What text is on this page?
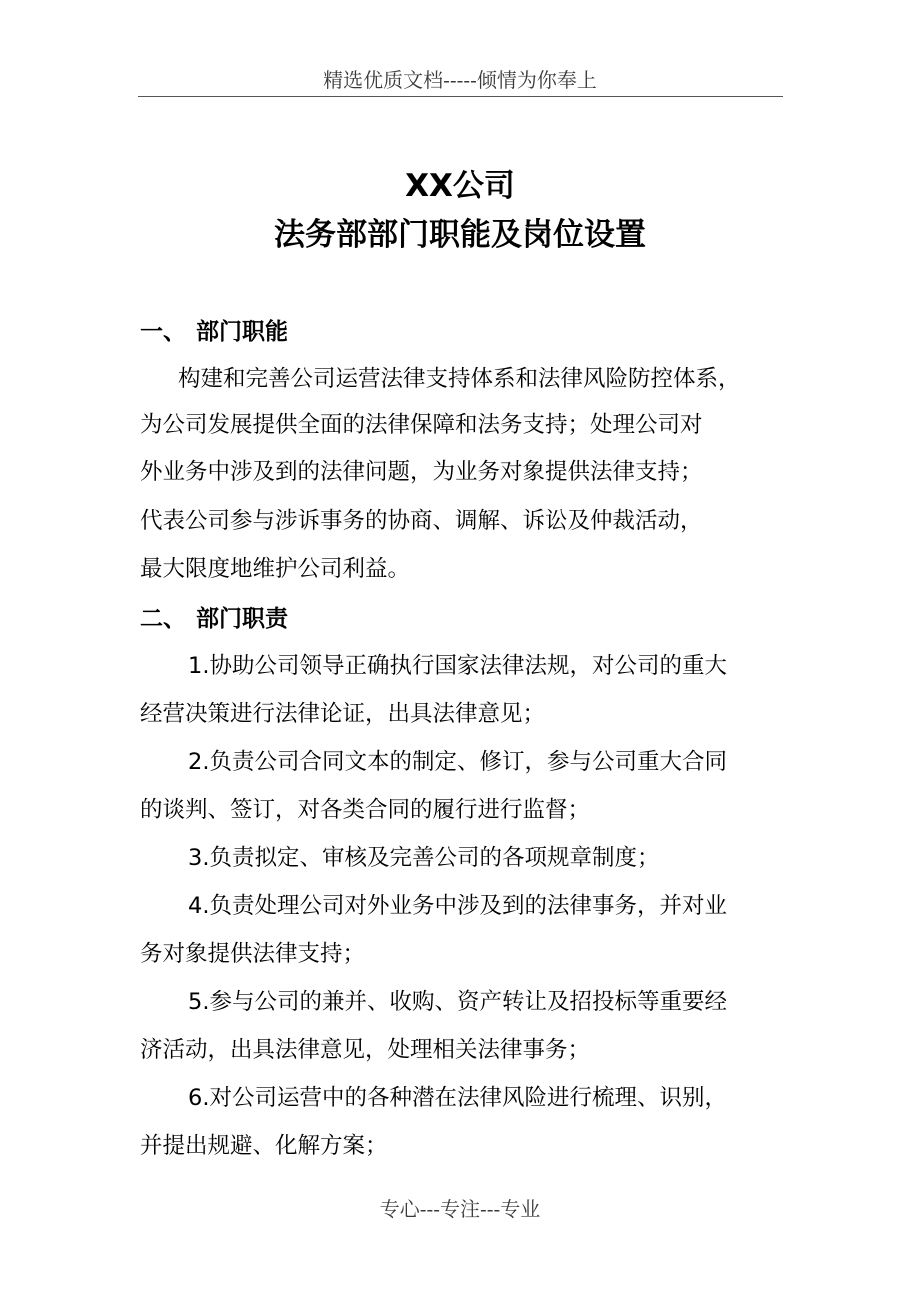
精选优质文档-----倾情为你奉上
XX公司
法务部部门职能及岗位设置
一、 部门职能
构建和完善公司运营法律支持体系和法律风险防控体系，
为公司发展提供全面的法律保障和法务支持；处理公司对
外业务中涉及到的法律问题，为业务对象提供法律支持；
代表公司参与涉诉事务的协商、调解、诉讼及仲裁活动，
最大限度地维护公司利益。
二、 部门职责
1.协助公司领导正确执行国家法律法规，对公司的重大
经营决策进行法律论证，出具法律意见；
2.负责公司合同文本的制定、修订，参与公司重大合同
的谈判、签订，对各类合同的履行进行监督；
3.负责拟定、审核及完善公司的各项规章制度；
4.负责处理公司对外业务中涉及到的法律事务，并对业
务对象提供法律支持；
5.参与公司的兼并、收购、资产转让及招投标等重要经
济活动，出具法律意见，处理相关法律事务；
6.对公司运营中的各种潜在法律风险进行梳理、识别，
并提出规避、化解方案；
专心---专注---专业
